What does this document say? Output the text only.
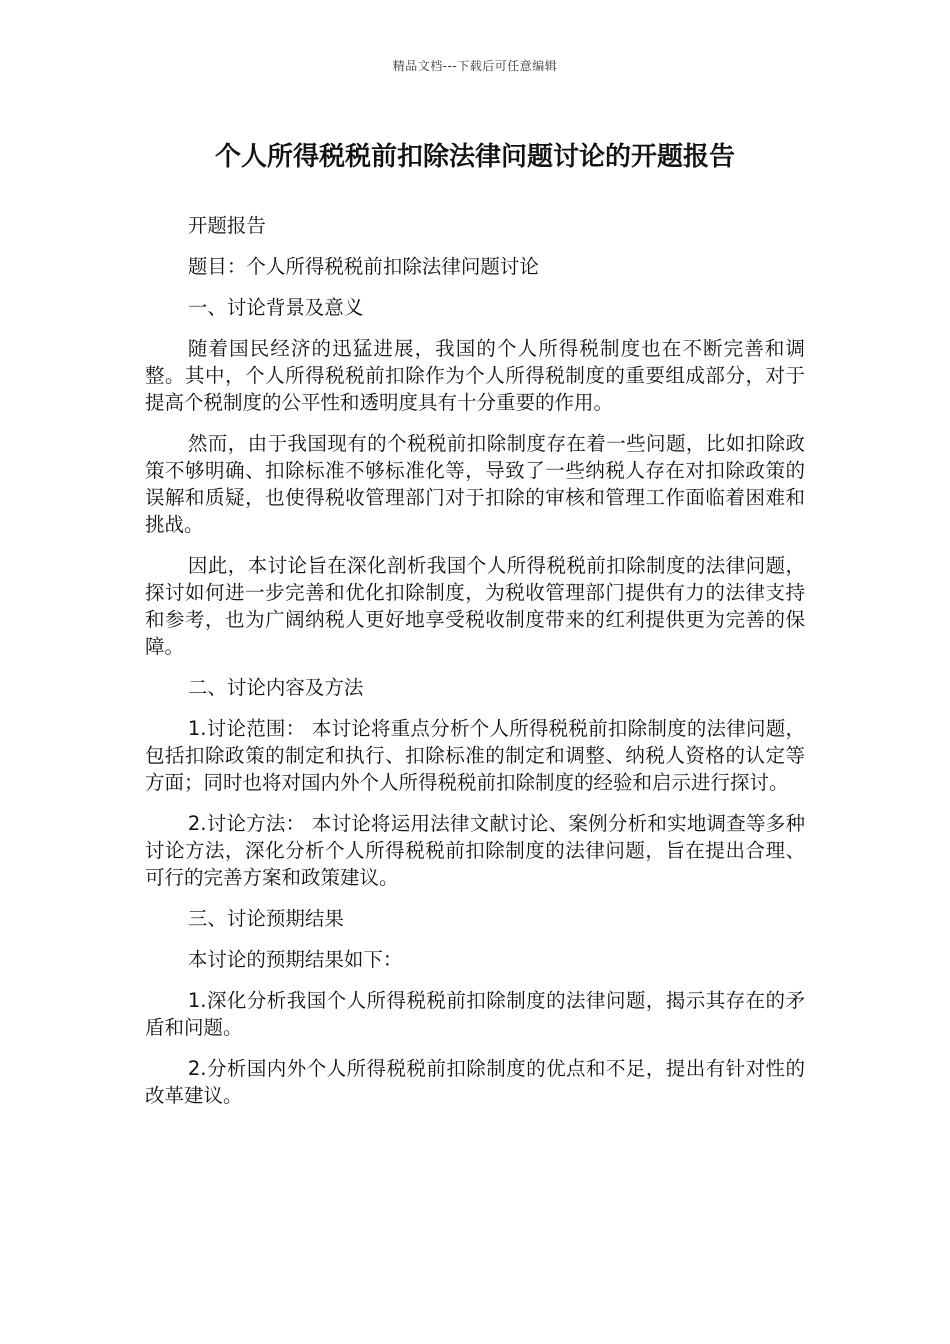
精品文档---下载后可任意编辑
个人所得税税前扣除法律问题讨论的开题报告

开题报告

题目：个人所得税税前扣除法律问题讨论

一、讨论背景及意义

随着国民经济的迅猛进展，我国的个人所得税制度也在不断完善和调整。其中，个人所得税税前扣除作为个人所得税制度的重要组成部分，对于提高个税制度的公平性和透明度具有十分重要的作用。

然而，由于我国现有的个税税前扣除制度存在着一些问题，比如扣除政策不够明确、扣除标准不够标准化等，导致了一些纳税人存在对扣除政策的误解和质疑，也使得税收管理部门对于扣除的审核和管理工作面临着困难和挑战。

因此，本讨论旨在深化剖析我国个人所得税税前扣除制度的法律问题，探讨如何进一步完善和优化扣除制度，为税收管理部门提供有力的法律支持和参考，也为广阔纳税人更好地享受税收制度带来的红利提供更为完善的保障。

二、讨论内容及方法

1.讨论范围： 本讨论将重点分析个人所得税税前扣除制度的法律问题，包括扣除政策的制定和执行、扣除标准的制定和调整、纳税人资格的认定等方面；同时也将对国内外个人所得税税前扣除制度的经验和启示进行探讨。

2.讨论方法： 本讨论将运用法律文献讨论、案例分析和实地调查等多种讨论方法，深化分析个人所得税税前扣除制度的法律问题，旨在提出合理、可行的完善方案和政策建议。

三、讨论预期结果

本讨论的预期结果如下：

1.深化分析我国个人所得税税前扣除制度的法律问题，揭示其存在的矛盾和问题。

2.分析国内外个人所得税税前扣除制度的优点和不足，提出有针对性的改革建议。
